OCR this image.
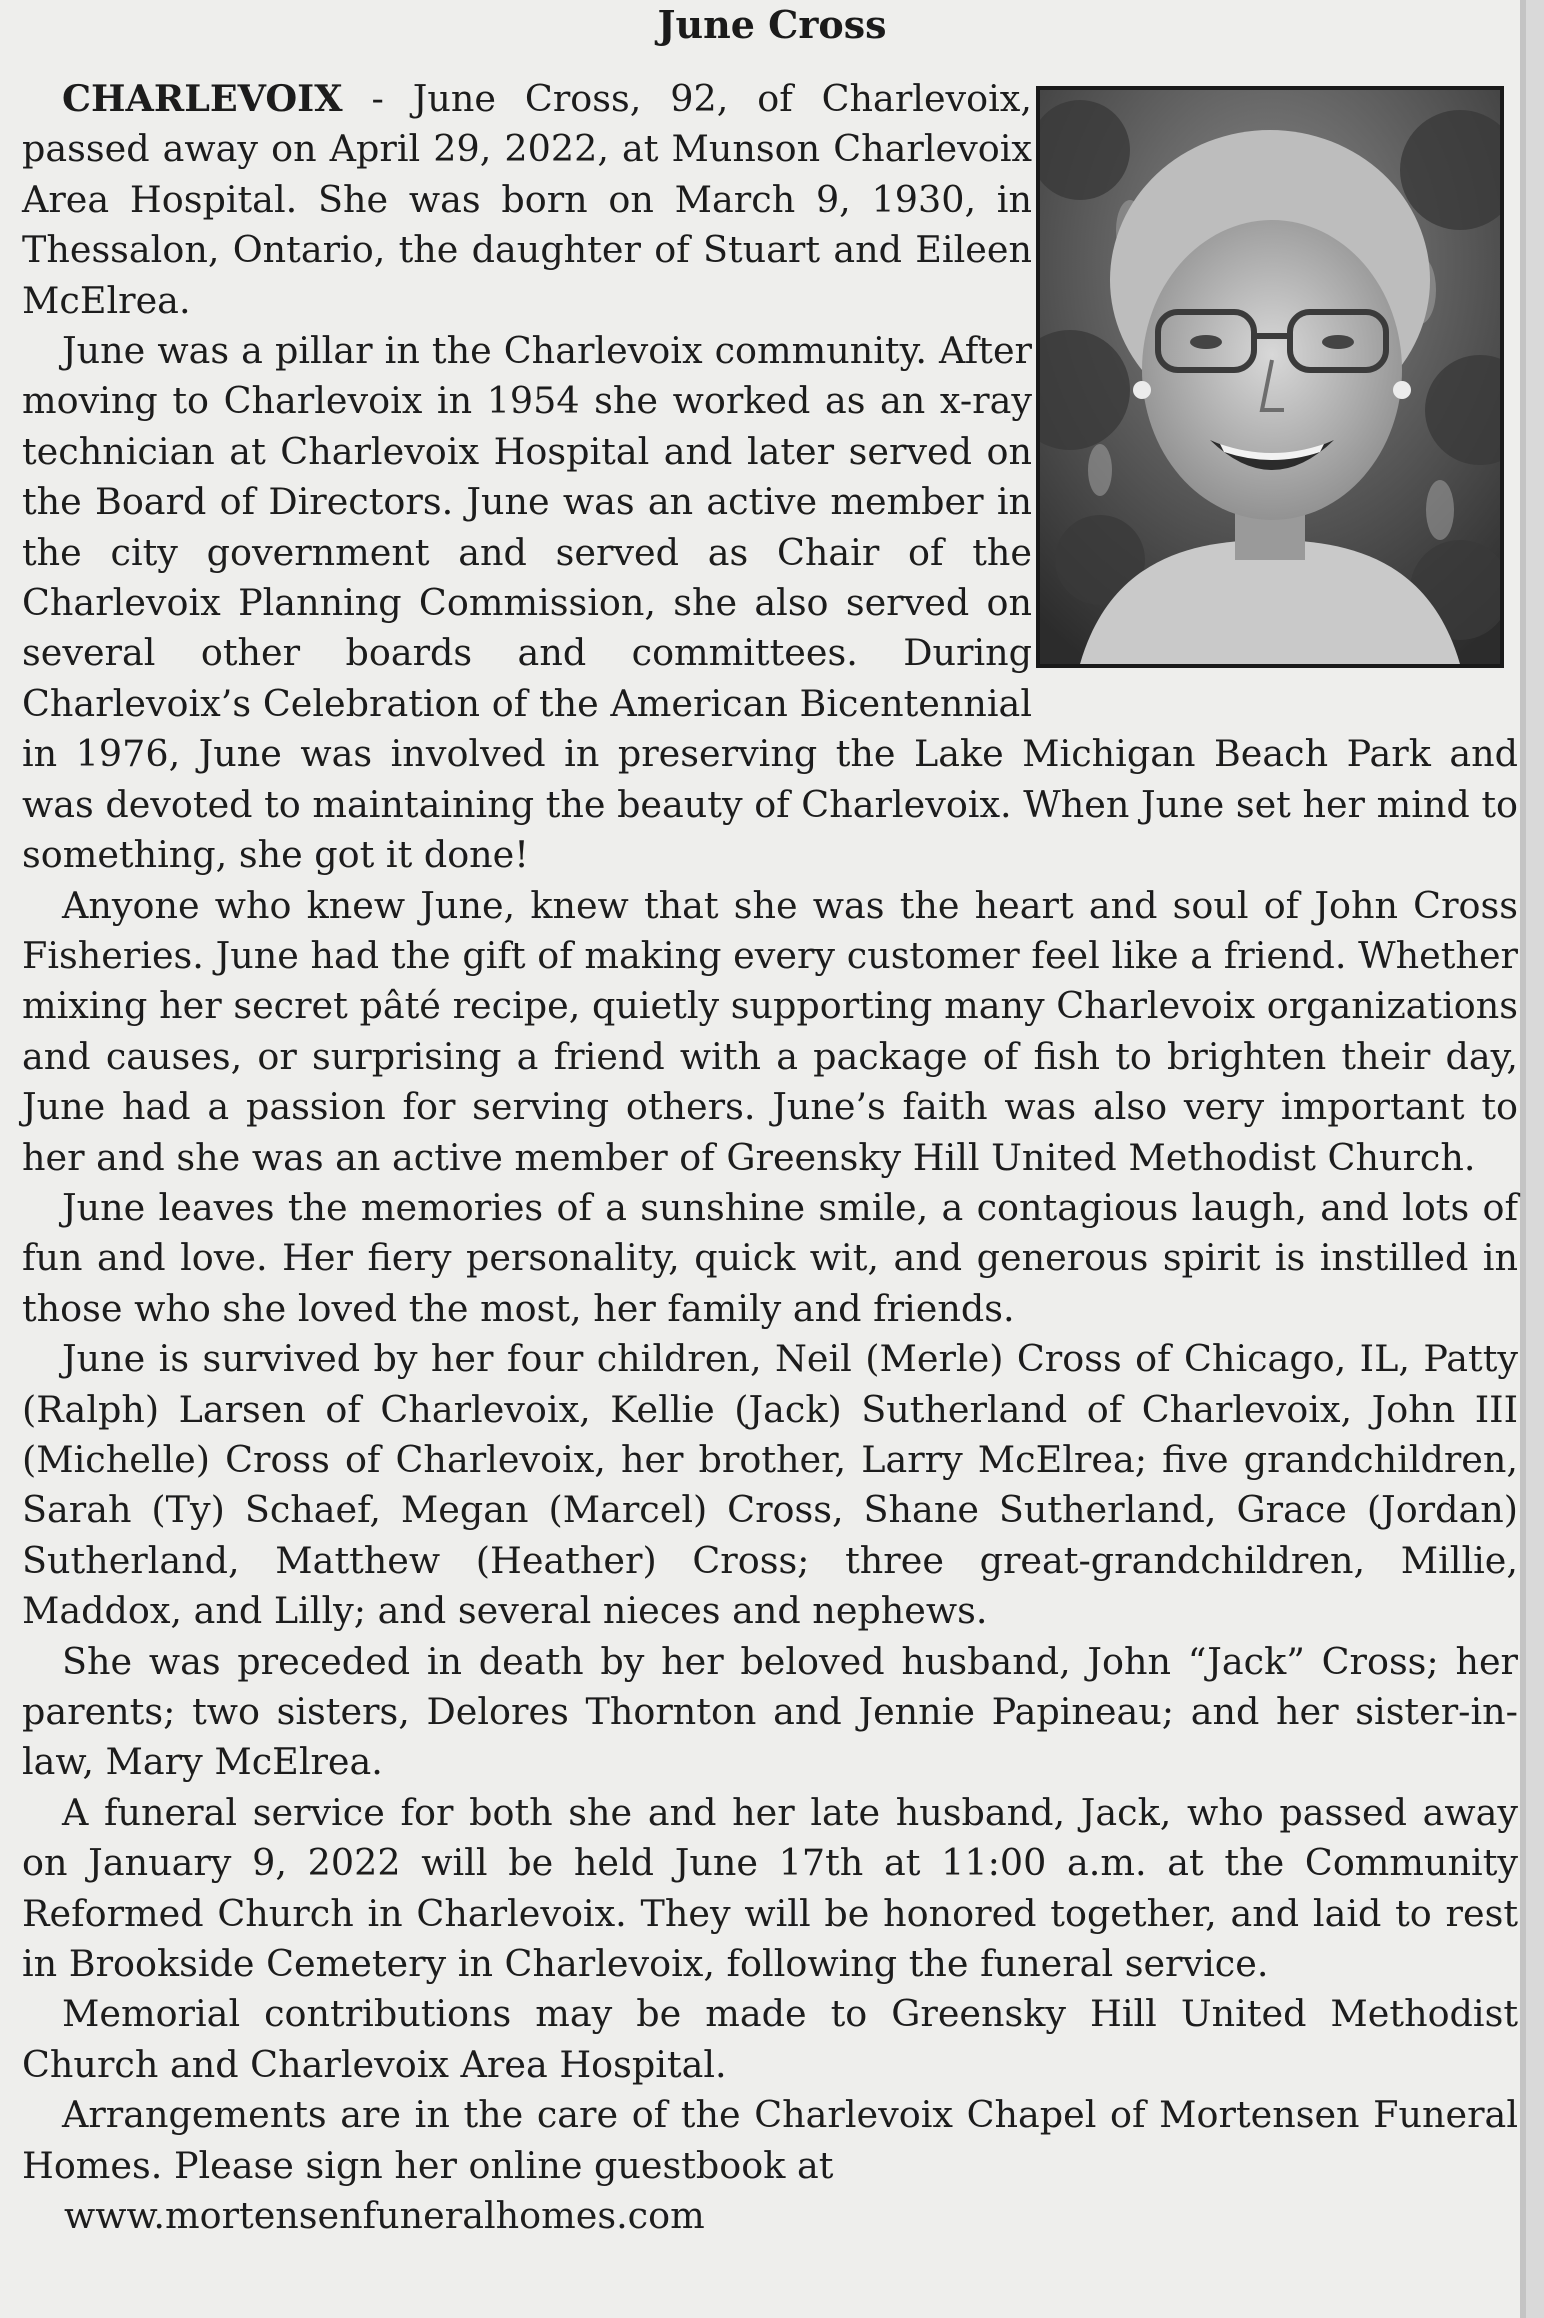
June Cross

CHARLEVOIX - June Cross, 92, of Charlevoix, passed away on April 29, 2022, at Munson Charlevoix Area Hospital. She was born on March 9, 1930, in Thessalon, Ontario, the daughter of Stuart and Eileen McElrea.

June was a pillar in the Charlevoix community. After moving to Charlevoix in 1954 she worked as an x-ray technician at Charlevoix Hospital and later served on the Board of Directors. June was an active member in the city government and served as Chair of the Charlevoix Planning Commission, she also served on several other boards and committees. During Charlevoix’s Celebration of the American Bicentennial in 1976, June was involved in preserving the Lake Michigan Beach Park and was devoted to maintaining the beauty of Charlevoix. When June set her mind to something, she got it done!

Anyone who knew June, knew that she was the heart and soul of John Cross Fisheries. June had the gift of making every customer feel like a friend. Whether mixing her secret pâté recipe, quietly supporting many Charlevoix organizations and causes, or surprising a friend with a package of fish to brighten their day, June had a passion for serving others. June’s faith was also very important to her and she was an active member of Greensky Hill United Methodist Church.

June leaves the memories of a sunshine smile, a contagious laugh, and lots of fun and love. Her fiery personality, quick wit, and generous spirit is instilled in those who she loved the most, her family and friends.

June is survived by her four children, Neil (Merle) Cross of Chicago, IL, Patty (Ralph) Larsen of Charlevoix, Kellie (Jack) Sutherland of Charlevoix, John III (Michelle) Cross of Charlevoix, her brother, Larry McElrea; five grandchildren, Sarah (Ty) Schaef, Megan (Marcel) Cross, Shane Sutherland, Grace (Jordan) Sutherland, Matthew (Heather) Cross; three great-grandchildren, Millie, Maddox, and Lilly; and several nieces and nephews.

She was preceded in death by her beloved husband, John “Jack” Cross; her parents; two sisters, Delores Thornton and Jennie Papineau; and her sister-in-law, Mary McElrea.

A funeral service for both she and her late husband, Jack, who passed away on January 9, 2022 will be held June 17th at 11:00 a.m. at the Community Reformed Church in Charlevoix. They will be honored together, and laid to rest in Brookside Cemetery in Charlevoix, following the funeral service.

Memorial contributions may be made to Greensky Hill United Methodist Church and Charlevoix Area Hospital.

Arrangements are in the care of the Charlevoix Chapel of Mortensen Funeral Homes. Please sign her online guestbook at

www.mortensenfuneralhomes.com
